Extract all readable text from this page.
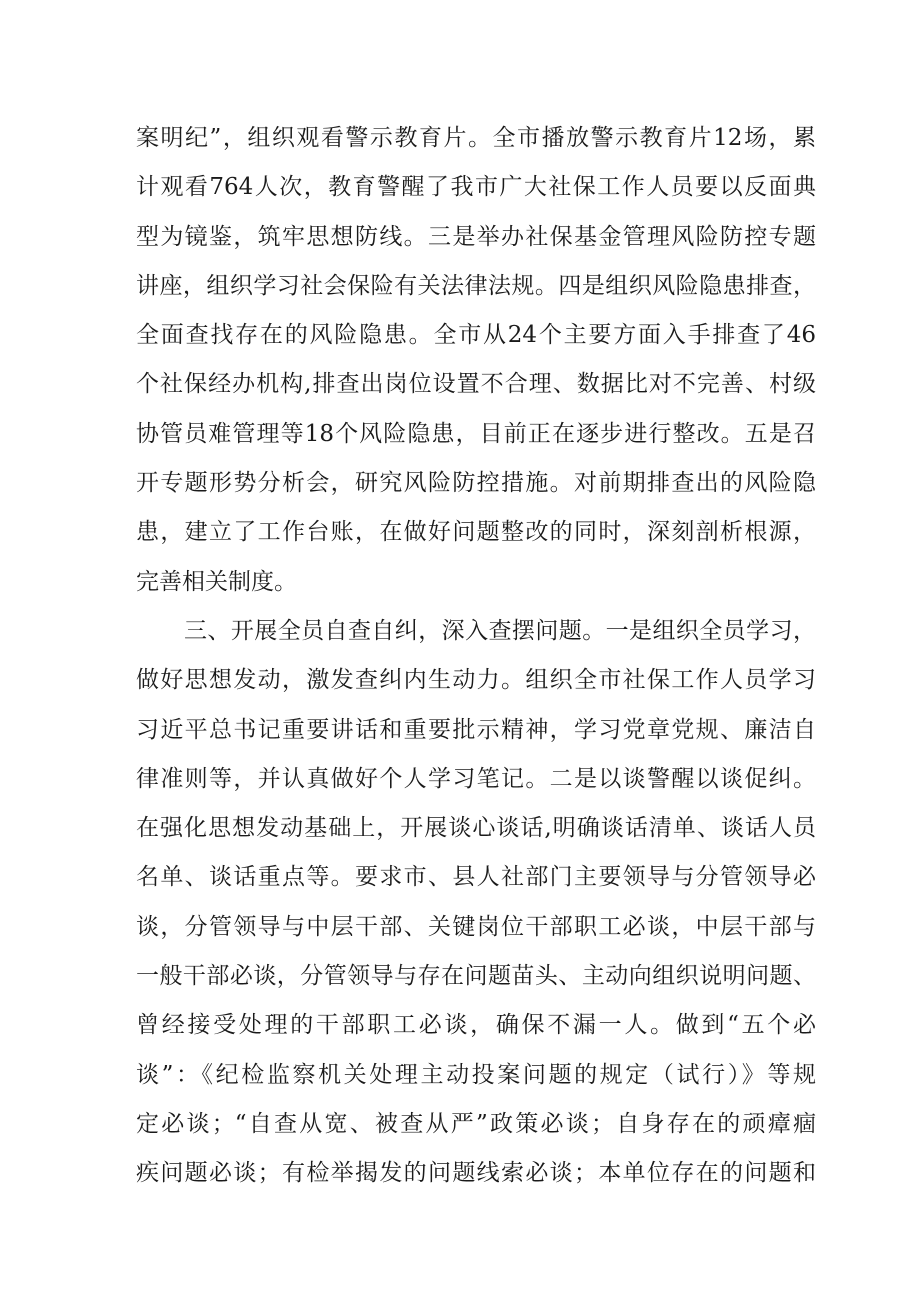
案明纪”，组织观看警示教育片。全市播放警示教育片12场，累
计观看764人次，教育警醒了我市广大社保工作人员要以反面典
型为镜鉴，筑牢思想防线。三是举办社保基金管理风险防控专题
讲座，组织学习社会保险有关法律法规。四是组织风险隐患排查，
全面查找存在的风险隐患。全市从24个主要方面入手排查了46
个社保经办机构,排查出岗位设置不合理、数据比对不完善、村级
协管员难管理等18个风险隐患，目前正在逐步进行整改。五是召
开专题形势分析会，研究风险防控措施。对前期排查出的风险隐
患，建立了工作台账，在做好问题整改的同时，深刻剖析根源，
完善相关制度。
三、开展全员自查自纠，深入查摆问题。一是组织全员学习，
做好思想发动，激发查纠内生动力。组织全市社保工作人员学习
习近平总书记重要讲话和重要批示精神，学习党章党规、廉洁自
律准则等，并认真做好个人学习笔记。二是以谈警醒以谈促纠。
在强化思想发动基础上，开展谈心谈话,明确谈话清单、谈话人员
名单、谈话重点等。要求市、县人社部门主要领导与分管领导必
谈，分管领导与中层干部、关键岗位干部职工必谈，中层干部与
一般干部必谈，分管领导与存在问题苗头、主动向组织说明问题、
曾经接受处理的干部职工必谈，确保不漏一人。做到“五个必
谈”：《纪检监察机关处理主动投案问题的规定（试行）》等规
定必谈；“自查从宽、被查从严”政策必谈；自身存在的顽瘴痼
疾问题必谈；有检举揭发的问题线索必谈；本单位存在的问题和
